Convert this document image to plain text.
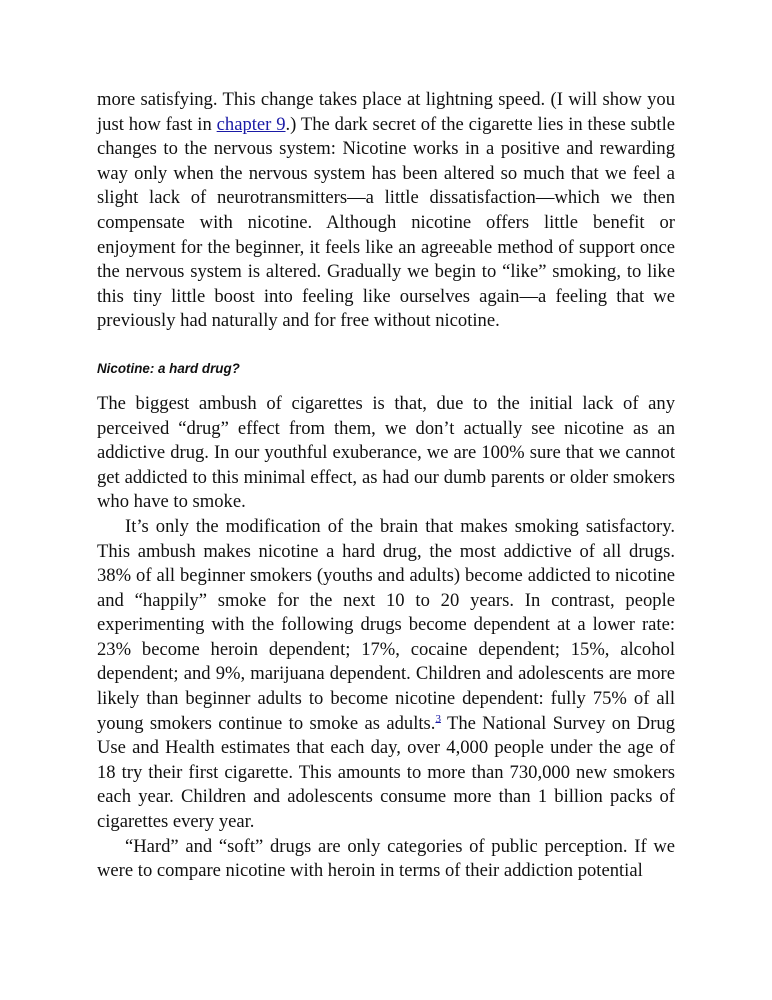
more satisfying. This change takes place at lightning speed. (I will show you just how fast in chapter 9.) The dark secret of the cigarette lies in these subtle changes to the nervous system: Nicotine works in a positive and rewarding way only when the nervous system has been altered so much that we feel a slight lack of neurotransmitters—a little dissatisfaction—which we then compensate with nicotine. Although nicotine offers little benefit or enjoyment for the beginner, it feels like an agreeable method of support once the nervous system is altered. Gradually we begin to “like” smoking, to like this tiny little boost into feeling like ourselves again—a feeling that we previously had naturally and for free without nicotine.

Nicotine: a hard drug?

The biggest ambush of cigarettes is that, due to the initial lack of any perceived “drug” effect from them, we don’t actually see nicotine as an addictive drug. In our youthful exuberance, we are 100% sure that we cannot get addicted to this minimal effect, as had our dumb parents or older smokers who have to smoke.

It’s only the modification of the brain that makes smoking satisfactory. This ambush makes nicotine a hard drug, the most addictive of all drugs. 38% of all beginner smokers (youths and adults) become addicted to nicotine and “happily” smoke for the next 10 to 20 years. In contrast, people experimenting with the following drugs become dependent at a lower rate: 23% become heroin dependent; 17%, cocaine dependent; 15%, alcohol dependent; and 9%, marijuana dependent. Children and adolescents are more likely than beginner adults to become nicotine dependent: fully 75% of all young smokers continue to smoke as adults.$^3$ The National Survey on Drug Use and Health estimates that each day, over 4,000 people under the age of 18 try their first cigarette. This amounts to more than 730,000 new smokers each year. Children and adolescents consume more than 1 billion packs of cigarettes every year.

“Hard” and “soft” drugs are only categories of public perception. If we were to compare nicotine with heroin in terms of their addiction potential
